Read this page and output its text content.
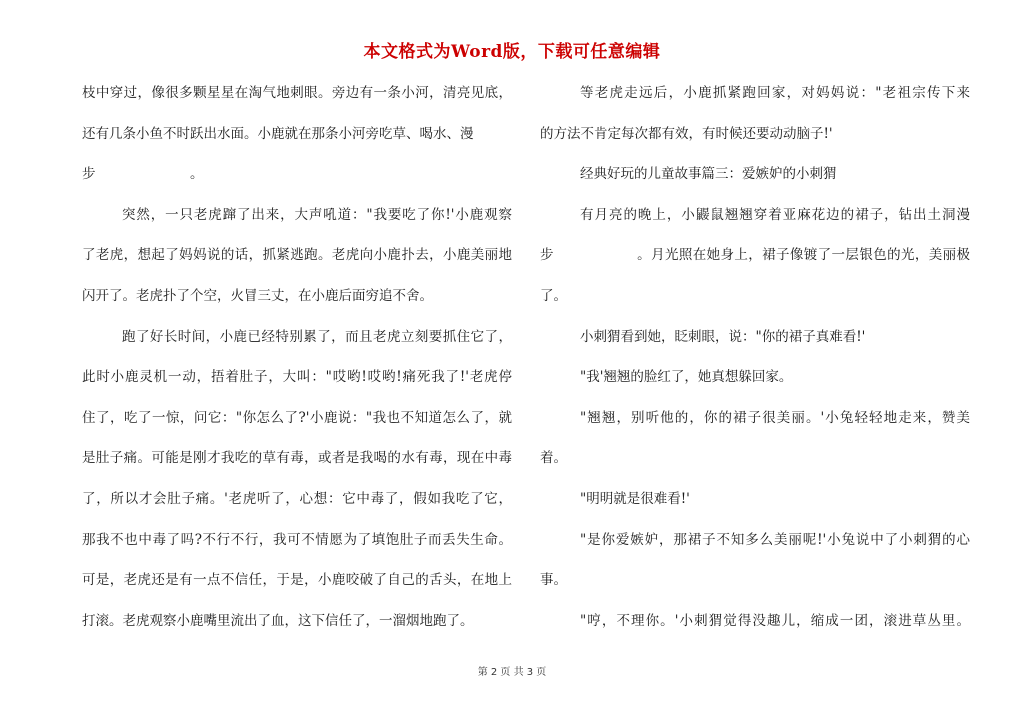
本文格式为Word版，下载可任意编辑
枝中穿过，像很多颗星星在淘气地刺眼。旁边有一条小河，清亮见底，
还有几条小鱼不时跃出水面。小鹿就在那条小河旁吃草、喝水、漫
步　　　　　　　。
突然，一只老虎蹿了出来，大声吼道："我要吃了你!'小鹿观察
了老虎，想起了妈妈说的话，抓紧逃跑。老虎向小鹿扑去，小鹿美丽地
闪开了。老虎扑了个空，火冒三丈，在小鹿后面穷追不舍。
跑了好长时间，小鹿已经特别累了，而且老虎立刻要抓住它了，
此时小鹿灵机一动，捂着肚子，大叫："哎哟!哎哟!痛死我了!'老虎停
住了，吃了一惊，问它："你怎么了?'小鹿说："我也不知道怎么了，就
是肚子痛。可能是刚才我吃的草有毒，或者是我喝的水有毒，现在中毒
了，所以才会肚子痛。'老虎听了，心想：它中毒了，假如我吃了它，
那我不也中毒了吗?不行不行，我可不情愿为了填饱肚子而丢失生命。
可是，老虎还是有一点不信任，于是，小鹿咬破了自己的舌头，在地上
打滚。老虎观察小鹿嘴里流出了血，这下信任了，一溜烟地跑了。
等老虎走远后，小鹿抓紧跑回家，对妈妈说："老祖宗传下来
的方法不肯定每次都有效，有时候还要动动脑子!'
经典好玩的儿童故事篇三：爱嫉妒的小刺猬
有月亮的晚上，小鼹鼠翘翘穿着亚麻花边的裙子，钻出土洞漫
步　　　　　　。月光照在她身上，裙子像镀了一层银色的光，美丽极
了。
小刺猬看到她，眨刺眼，说："你的裙子真难看!'
"我'翘翘的脸红了，她真想躲回家。
"翘翘，别听他的，你的裙子很美丽。'小兔轻轻地走来，赞美
着。
"明明就是很难看!'
"是你爱嫉妒，那裙子不知多么美丽呢!'小兔说中了小刺猬的心
事。
"哼，不理你。'小刺猬觉得没趣儿，缩成一团，滚进草丛里。
第 2 页 共 3 页
